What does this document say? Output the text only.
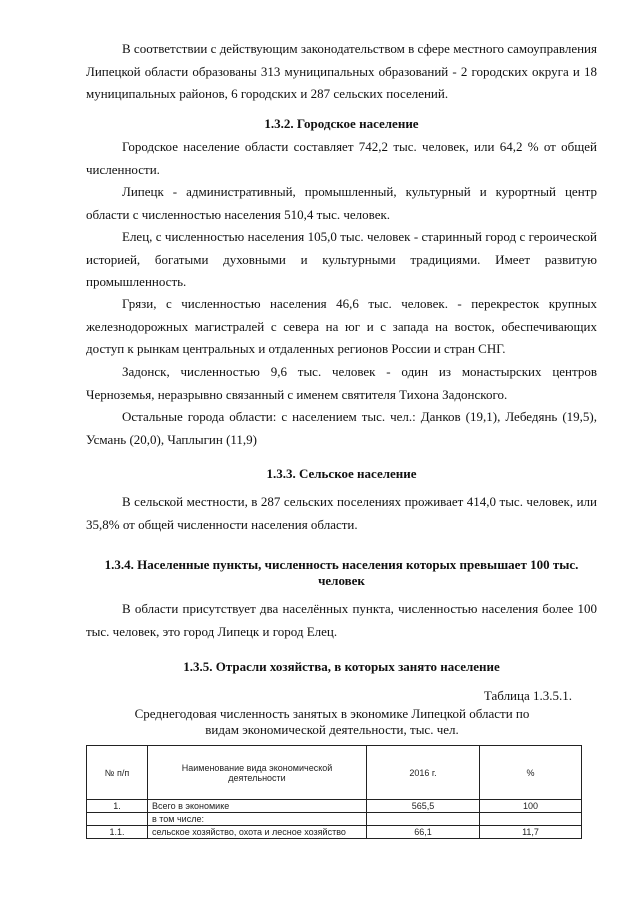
В соответствии с действующим законодательством в сфере местного самоуправления Липецкой области образованы 313 муниципальных образований - 2 городских округа и 18 муниципальных районов, 6 городских и 287 сельских поселений.

1.3.2. Городское население

Городское население области составляет 742,2 тыс. человек, или 64,2 % от общей численности.

Липецк - административный, промышленный, культурный и курортный центр области с численностью населения 510,4 тыс. человек.

Елец, с численностью населения 105,0 тыс. человек - старинный город с героической историей, богатыми духовными и культурными традициями. Имеет развитую промышленность.

Грязи, с численностью населения 46,6 тыс. человек. - перекресток крупных железнодорожных магистралей с севера на юг и с запада на восток, обеспечивающих доступ к рынкам центральных и отдаленных регионов России и стран СНГ.

Задонск, численностью 9,6 тыс. человек - один из монастырских центров Черноземья, неразрывно связанный с именем святителя Тихона Задонского.

Остальные города области: с населением тыс. чел.: Данков (19,1), Лебедянь (19,5), Усмань (20,0), Чаплыгин (11,9)

1.3.3. Сельское население

В сельской местности, в 287 сельских поселениях проживает 414,0 тыс. человек, или 35,8% от общей численности населения области.

1.3.4. Населенные пункты, численность населения которых превышает 100 тыс. человек

В области присутствует два населённых пункта, численностью населения более 100 тыс. человек, это город Липецк и город Елец.

1.3.5. Отрасли хозяйства, в которых занято население

Таблица 1.3.5.1.

Среднегодовая численность занятых в экономике Липецкой области по видам экономической деятельности, тыс. чел.

№ п/п	Наименование вида экономической деятельности	2016 г.	%
1.	Всего в экономике	565,5	100
	в том числе:		
1.1.	сельское хозяйство, охота и лесное хозяйство	66,1	11,7
